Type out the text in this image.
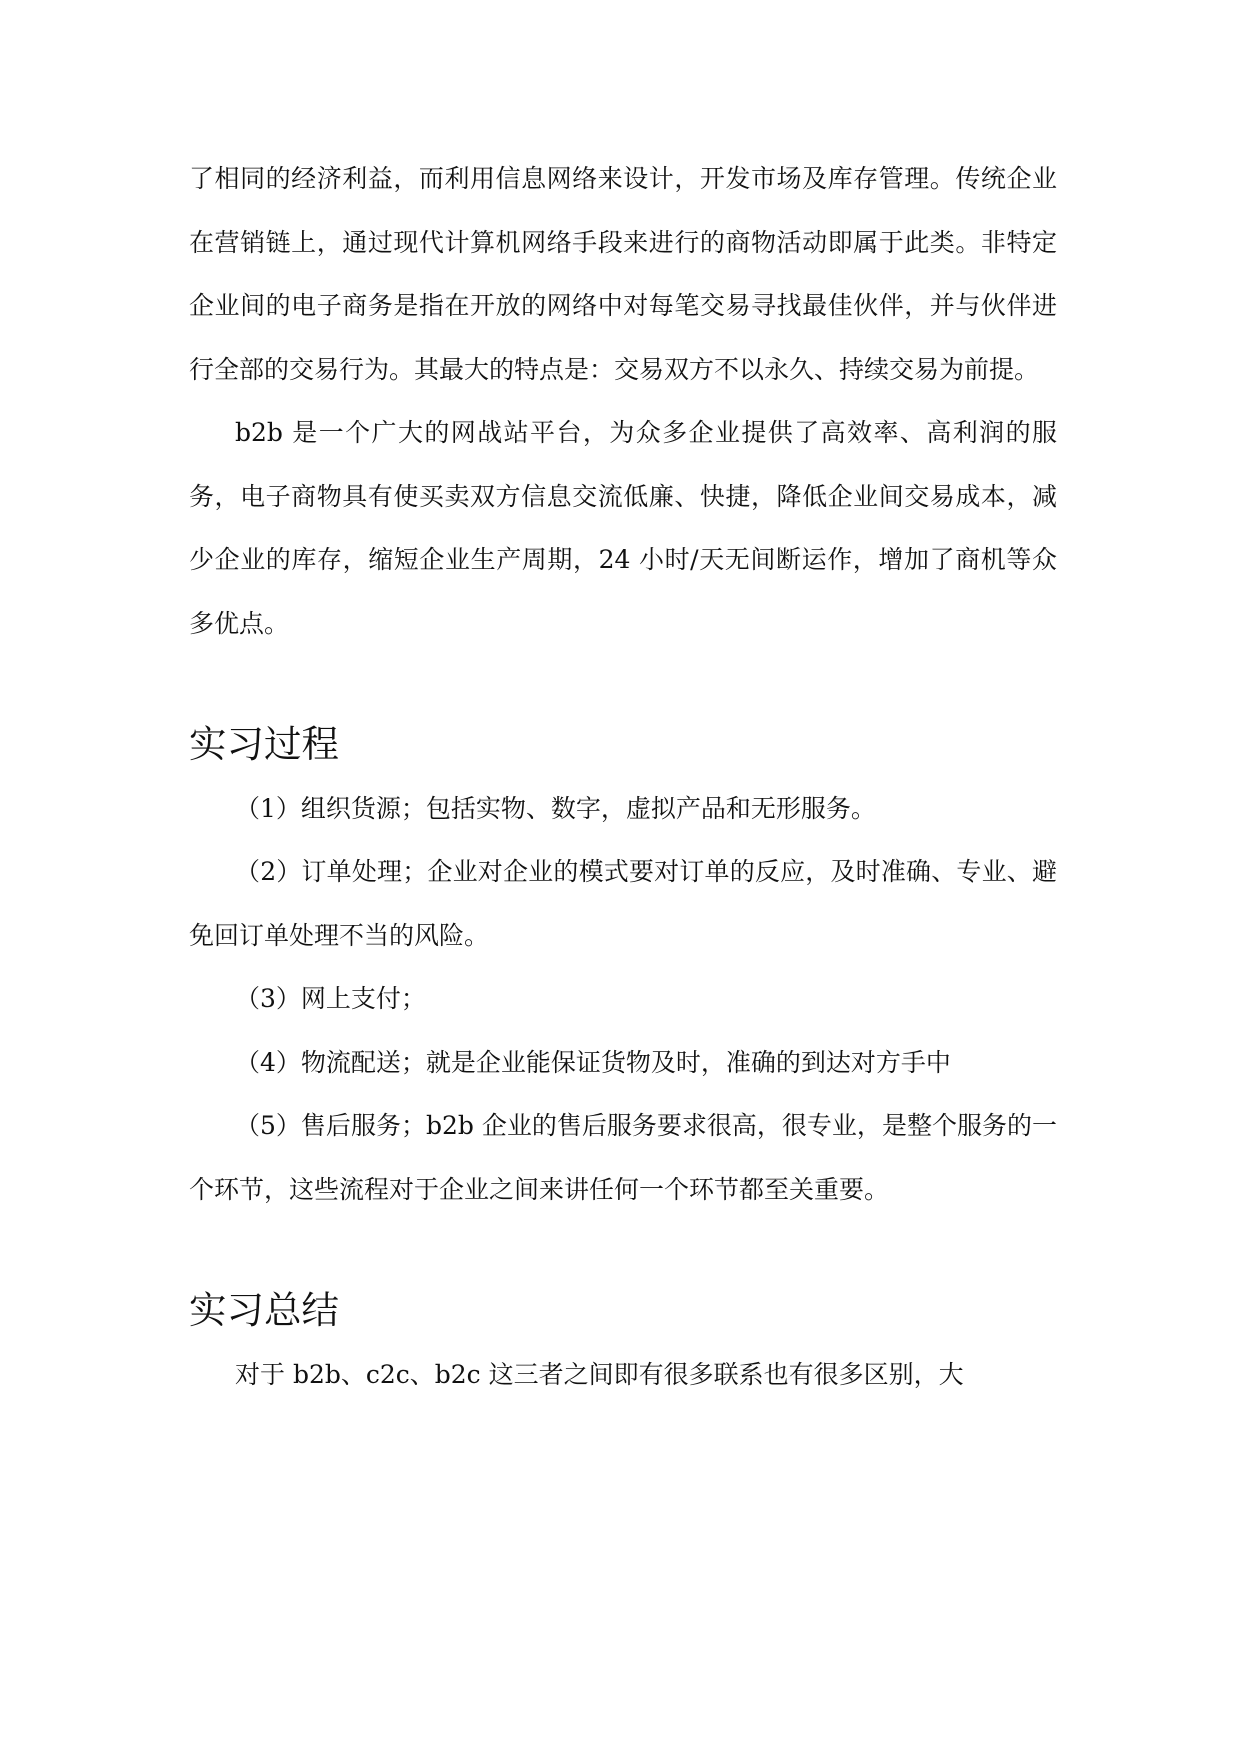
了相同的经济利益，而利用信息网络来设计，开发市场及库存管理。传统企业在营销链上，通过现代计算机网络手段来进行的商物活动即属于此类。非特定企业间的电子商务是指在开放的网络中对每笔交易寻找最佳伙伴，并与伙伴进行全部的交易行为。其最大的特点是：交易双方不以永久、持续交易为前提。

b2b 是一个广大的网战站平台，为众多企业提供了高效率、高利润的服务，电子商物具有使买卖双方信息交流低廉、快捷，降低企业间交易成本，减少企业的库存，缩短企业生产周期，24 小时/天无间断运作，增加了商机等众多优点。

实习过程

（1）组织货源；包括实物、数字，虚拟产品和无形服务。

（2）订单处理；企业对企业的模式要对订单的反应，及时准确、专业、避免回订单处理不当的风险。

（3）网上支付；

（4）物流配送；就是企业能保证货物及时，准确的到达对方手中

（5）售后服务；b2b 企业的售后服务要求很高，很专业，是整个服务的一个环节，这些流程对于企业之间来讲任何一个环节都至关重要。

实习总结

对于 b2b、c2c、b2c 这三者之间即有很多联系也有很多区别，大
